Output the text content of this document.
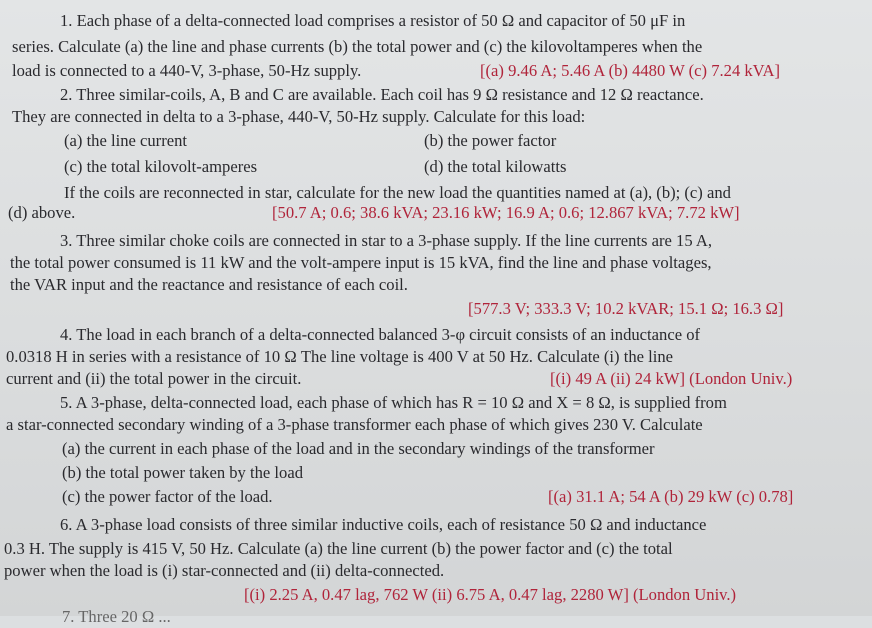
1. Each phase of a delta-connected load comprises a resistor of 50 Ω and capacitor of 50 μF in
series. Calculate (a) the line and phase currents (b) the total power and (c) the kilovoltamperes when the
load is connected to a 440-V, 3-phase, 50-Hz supply.	[(a) 9.46 A; 5.46 A (b) 4480 W (c) 7.24 kVA]
2. Three similar-coils, A, B and C are available. Each coil has 9 Ω resistance and 12 Ω reactance.
They are connected in delta to a 3-phase, 440-V, 50-Hz supply. Calculate for this load:
(a) the line current	(b) the power factor
(c) the total kilovolt-amperes	(d) the total kilowatts
If the coils are reconnected in star, calculate for the new load the quantities named at (a), (b); (c) and
(d) above.	[50.7 A; 0.6; 38.6 kVA; 23.16 kW; 16.9 A; 0.6; 12.867 kVA; 7.72 kW]
3. Three similar choke coils are connected in star to a 3-phase supply. If the line currents are 15 A,
the total power consumed is 11 kW and the volt-ampere input is 15 kVA, find the line and phase voltages,
the VAR input and the reactance and resistance of each coil.
[577.3 V; 333.3 V; 10.2 kVAR; 15.1 Ω; 16.3 Ω]
4. The load in each branch of a delta-connected balanced 3-φ circuit consists of an inductance of
0.0318 H in series with a resistance of 10 Ω The line voltage is 400 V at 50 Hz. Calculate (i) the line
current and (ii) the total power in the circuit.	[(i) 49 A (ii) 24 kW] (London Univ.)
5. A 3-phase, delta-connected load, each phase of which has R = 10 Ω and X = 8 Ω, is supplied from
a star-connected secondary winding of a 3-phase transformer each phase of which gives 230 V. Calculate
(a) the current in each phase of the load and in the secondary windings of the transformer
(b) the total power taken by the load
(c) the power factor of the load.	[(a) 31.1 A; 54 A (b) 29 kW (c) 0.78]
6. A 3-phase load consists of three similar inductive coils, each of resistance 50 Ω and inductance
0.3 H. The supply is 415 V, 50 Hz. Calculate (a) the line current (b) the power factor and (c) the total
power when the load is (i) star-connected and (ii) delta-connected.
[(i) 2.25 A, 0.47 lag, 762 W (ii) 6.75 A, 0.47 lag, 2280 W] (London Univ.)
7. Three 20 Ω ...
